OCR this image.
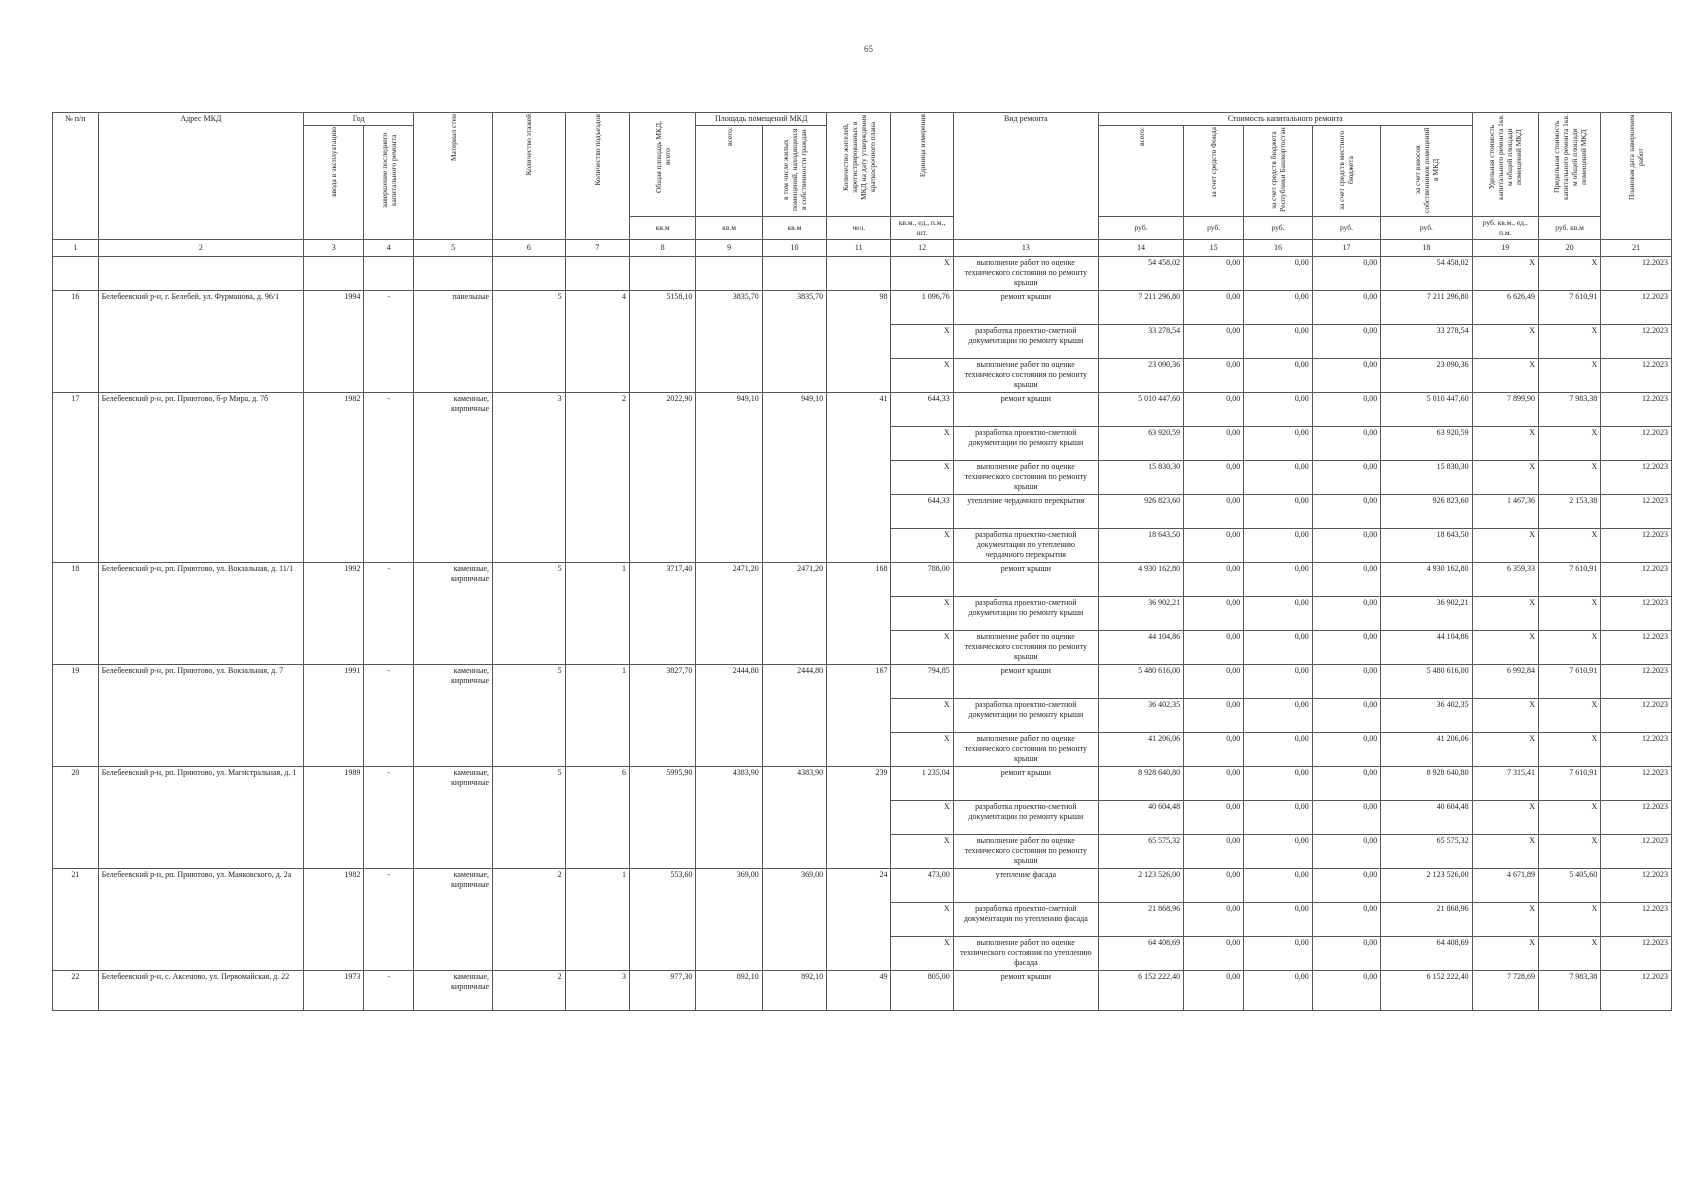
65
№ п/п	Адрес МКД	Год		Материал стен	Количество этажей	Количество подъездов	Общая площадь МКД, всего	Площадь помещений МКД		Количество жителей, зарегистрированных в МКД на дату утверждения краткосрочного плана	Единица измерения	Вид ремонта	Стоимость капитального ремонта					Удельная стоимость капитального ремонта 1кв. м общей площади помещений МКД	Предельная стоимость капитального ремонта 1кв. м общей площади помещений МКД	Плановая дата завершения работ

		ввода в эксплуатацию	завершение последнего капитального ремонта					всего:	в том числе жилых помещений, находящихся в собственности граждан				всего:	за счет средств Фонда	за счет средств бюджета Республики Башкортостан	за счет средств местного бюджета	за счет взносов собственников помещений в МКД			

							кв.м	кв.м	кв.м	чел.	кв.м., ед., п.м., шт.		руб.	руб.	руб.	руб.	руб.	руб. кв.м., ед., п.м.	руб. кв.м	
1	2	3	4	5	6	7	8	9	10	11	12	13	14	15	16	17	18	19	20	21
											X	выполнение работ по оценке технического состояния по ремонту крыши	54 458,02	0,00	0,00	0,00	54 458,02	X	X	12.2023
16	Белебеевский р-н, г. Белебей, ул. Фурманова, д. 96/1	1994	-	панельные	5	4	5158,10	3835,70	3835,70	98	1 096,76	ремонт крыши	7 211 296,80	0,00	0,00	0,00	7 211 296,80	6 626,49	7 610,91	12.2023
											X	разработка проектно-сметной документации по ремонту крыши	33 278,54	0,00	0,00	0,00	33 278,54	X	X	12.2023
											X	выполнение работ по оценке технического состояния по ремонту крыши	23 090,36	0,00	0,00	0,00	23 090,36	X	X	12.2023
17	Белебеевский р-н, рп. Приютово, б-р Мира, д. 7б	1982	-	каменные, кирпичные	3	2	2022,90	949,10	949,10	41	644,33	ремонт крыши	5 010 447,60	0,00	0,00	0,00	5 010 447,60	7 899,90	7 983,38	12.2023
											X	разработка проектно-сметной документации по ремонту крыши	63 920,59	0,00	0,00	0,00	63 920,59	X	X	12.2023
											X	выполнение работ по оценке технического состояния по ремонту крыши	15 830,30	0,00	0,00	0,00	15 830,30	X	X	12.2023
											644,33	утепление чердачного перекрытия	926 823,60	0,00	0,00	0,00	926 823,60	1 467,36	2 153,38	12.2023
											X	разработка проектно-сметной документации по утеплению чердачного перекрытия	18 643,50	0,00	0,00	0,00	18 643,50	X	X	12.2023
18	Белебеевский р-н, рп. Приютово, ул. Вокзальная, д. 11/1	1992	-	каменные, кирпичные	5	1	3717,40	2471,20	2471,20	168	788,00	ремонт крыши	4 930 162,80	0,00	0,00	0,00	4 930 162,80	6 359,33	7 610,91	12.2023
											X	разработка проектно-сметной документации по ремонту крыши	36 902,21	0,00	0,00	0,00	36 902,21	X	X	12.2023
											X	выполнение работ по оценке технического состояния по ремонту крыши	44 104,86	0,00	0,00	0,00	44 104,86	X	X	12.2023
19	Белебеевский р-н, рп. Приютово, ул. Вокзальная, д. 7	1991	-	каменные, кирпичные	5	1	3827,70	2444,80	2444,80	167	794,85	ремонт крыши	5 480 616,00	0,00	0,00	0,00	5 480 616,00	6 992,84	7 610,91	12.2023
											X	разработка проектно-сметной документации по ремонту крыши	36 402,35	0,00	0,00	0,00	36 402,35	X	X	12.2023
											X	выполнение работ по оценке технического состояния по ремонту крыши	41 206,06	0,00	0,00	0,00	41 206,06	X	X	12.2023
20	Белебеевский р-н, рп. Приютово, ул. Магистральная, д. 1	1989	-	каменные, кирпичные	5	6	5995,90	4383,90	4383,90	239	1 235,04	ремонт крыши	8 928 640,80	0,00	0,00	0,00	8 928 640,80	7 315,41	7 610,91	12.2023
											X	разработка проектно-сметной документации по ремонту крыши	40 604,48	0,00	0,00	0,00	40 604,48	X	X	12.2023
											X	выполнение работ по оценке технического состояния по ремонту крыши	65 575,32	0,00	0,00	0,00	65 575,32	X	X	12.2023
21	Белебеевский р-н, рп. Приютово, ул. Маяковского, д. 2а	1982	-	каменные, кирпичные	2	1	553,60	369,00	369,00	24	473,00	утепление фасада	2 123 526,00	0,00	0,00	0,00	2 123 526,00	4 671,89	5 405,60	12.2023
											X	разработка проектно-сметной документации по утеплению фасада	21 868,96	0,00	0,00	0,00	21 868,96	X	X	12.2023
											X	выполнение работ по оценке технического состояния по утеплению фасада	64 408,69	0,00	0,00	0,00	64 408,69	X	X	12.2023
22	Белебеевский р-н, с. Аксеново, ул. Первомайская, д. 22	1973	-	каменные, кирпичные	2	3	977,30	892,10	892,10	49	805,00	ремонт крыши	6 152 222,40	0,00	0,00	0,00	6 152 222,40	7 728,69	7 983,38	12.2023
